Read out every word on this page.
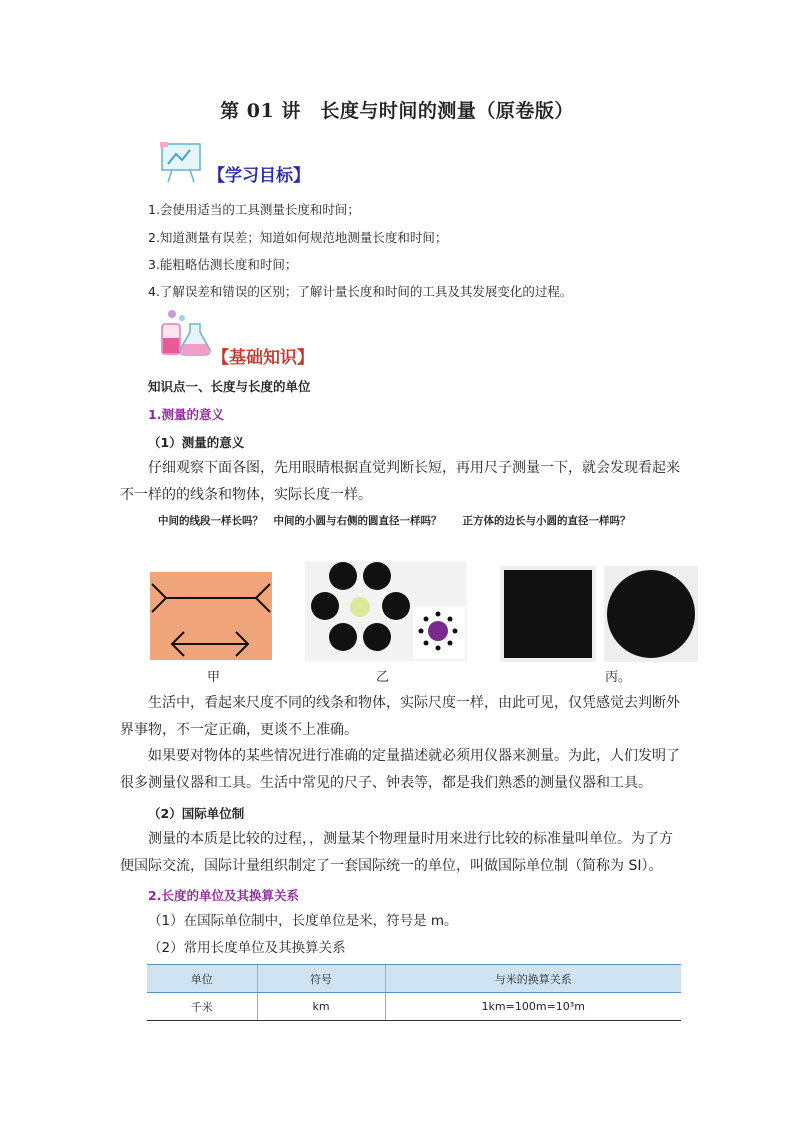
第 01 讲　长度与时间的测量（原卷版）
【学习目标】
1.会使用适当的工具测量长度和时间；
2.知道测量有误差；知道如何规范地测量长度和时间；
3.能粗略估测长度和时间；
4.了解误差和错误的区别；了解计量长度和时间的工具及其发展变化的过程。
【基础知识】
知识点一、长度与长度的单位
1.测量的意义
（1）测量的意义
仔细观察下面各图，先用眼睛根据直觉判断长短，再用尺子测量一下，就会发现看起来不一样的的线条和物体，实际长度一样。
中间的线段一样长吗？　中间的小圆与右侧的圆直径一样吗？　　正方体的边长与小圆的直径一样吗？
甲	乙	丙。
生活中，看起来尺度不同的线条和物体，实际尺度一样，由此可见，仅凭感觉去判断外界事物，不一定正确，更谈不上准确。
如果要对物体的某些情况进行准确的定量描述就必须用仪器来测量。为此，人们发明了很多测量仪器和工具。生活中常见的尺子、钟表等，都是我们熟悉的测量仪器和工具。
（2）国际单位制
测量的本质是比较的过程，，测量某个物理量时用来进行比较的标准量叫单位。为了方便国际交流，国际计量组织制定了一套国际统一的单位，叫做国际单位制（简称为 SI）。
2.长度的单位及其换算关系
（1）在国际单位制中，长度单位是米，符号是 m。
（2）常用长度单位及其换算关系
单位	符号	与米的换算关系
千米	km	1km=100m=10³m
